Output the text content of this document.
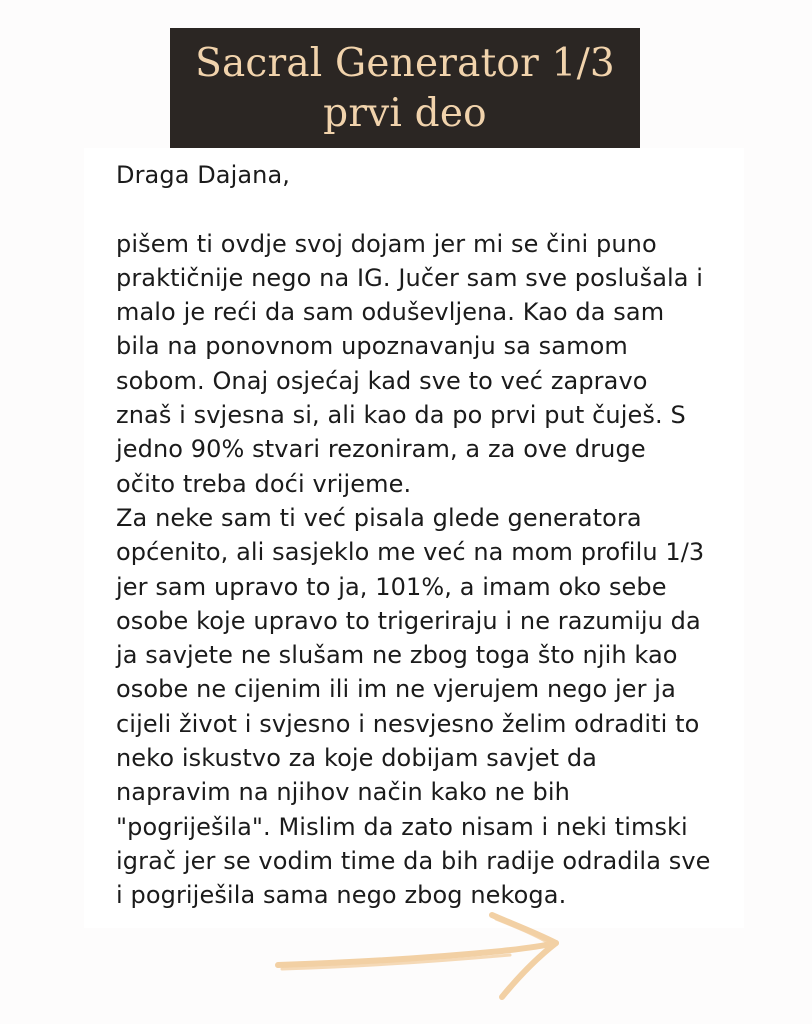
Sacral Generator 1/3
prvi deo
Draga Dajana,
pišem ti ovdje svoj dojam jer mi se čini puno
praktičnije nego na IG. Jučer sam sve poslušala i
malo je reći da sam oduševljena. Kao da sam
bila na ponovnom upoznavanju sa samom
sobom. Onaj osjećaj kad sve to već zapravo
znaš i svjesna si, ali kao da po prvi put čuješ. S
jedno 90% stvari rezoniram, a za ove druge
očito treba doći vrijeme.
Za neke sam ti već pisala glede generatora
općenito, ali sasjeklo me već na mom profilu 1/3
jer sam upravo to ja, 101%, a imam oko sebe
osobe koje upravo to trigeriraju i ne razumiju da
ja savjete ne slušam ne zbog toga što njih kao
osobe ne cijenim ili im ne vjerujem nego jer ja
cijeli život i svjesno i nesvjesno želim odraditi to
neko iskustvo za koje dobijam savjet da
napravim na njihov način kako ne bih
"pogriješila". Mislim da zato nisam i neki timski
igrač jer se vodim time da bih radije odradila sve
i pogriješila sama nego zbog nekoga.
